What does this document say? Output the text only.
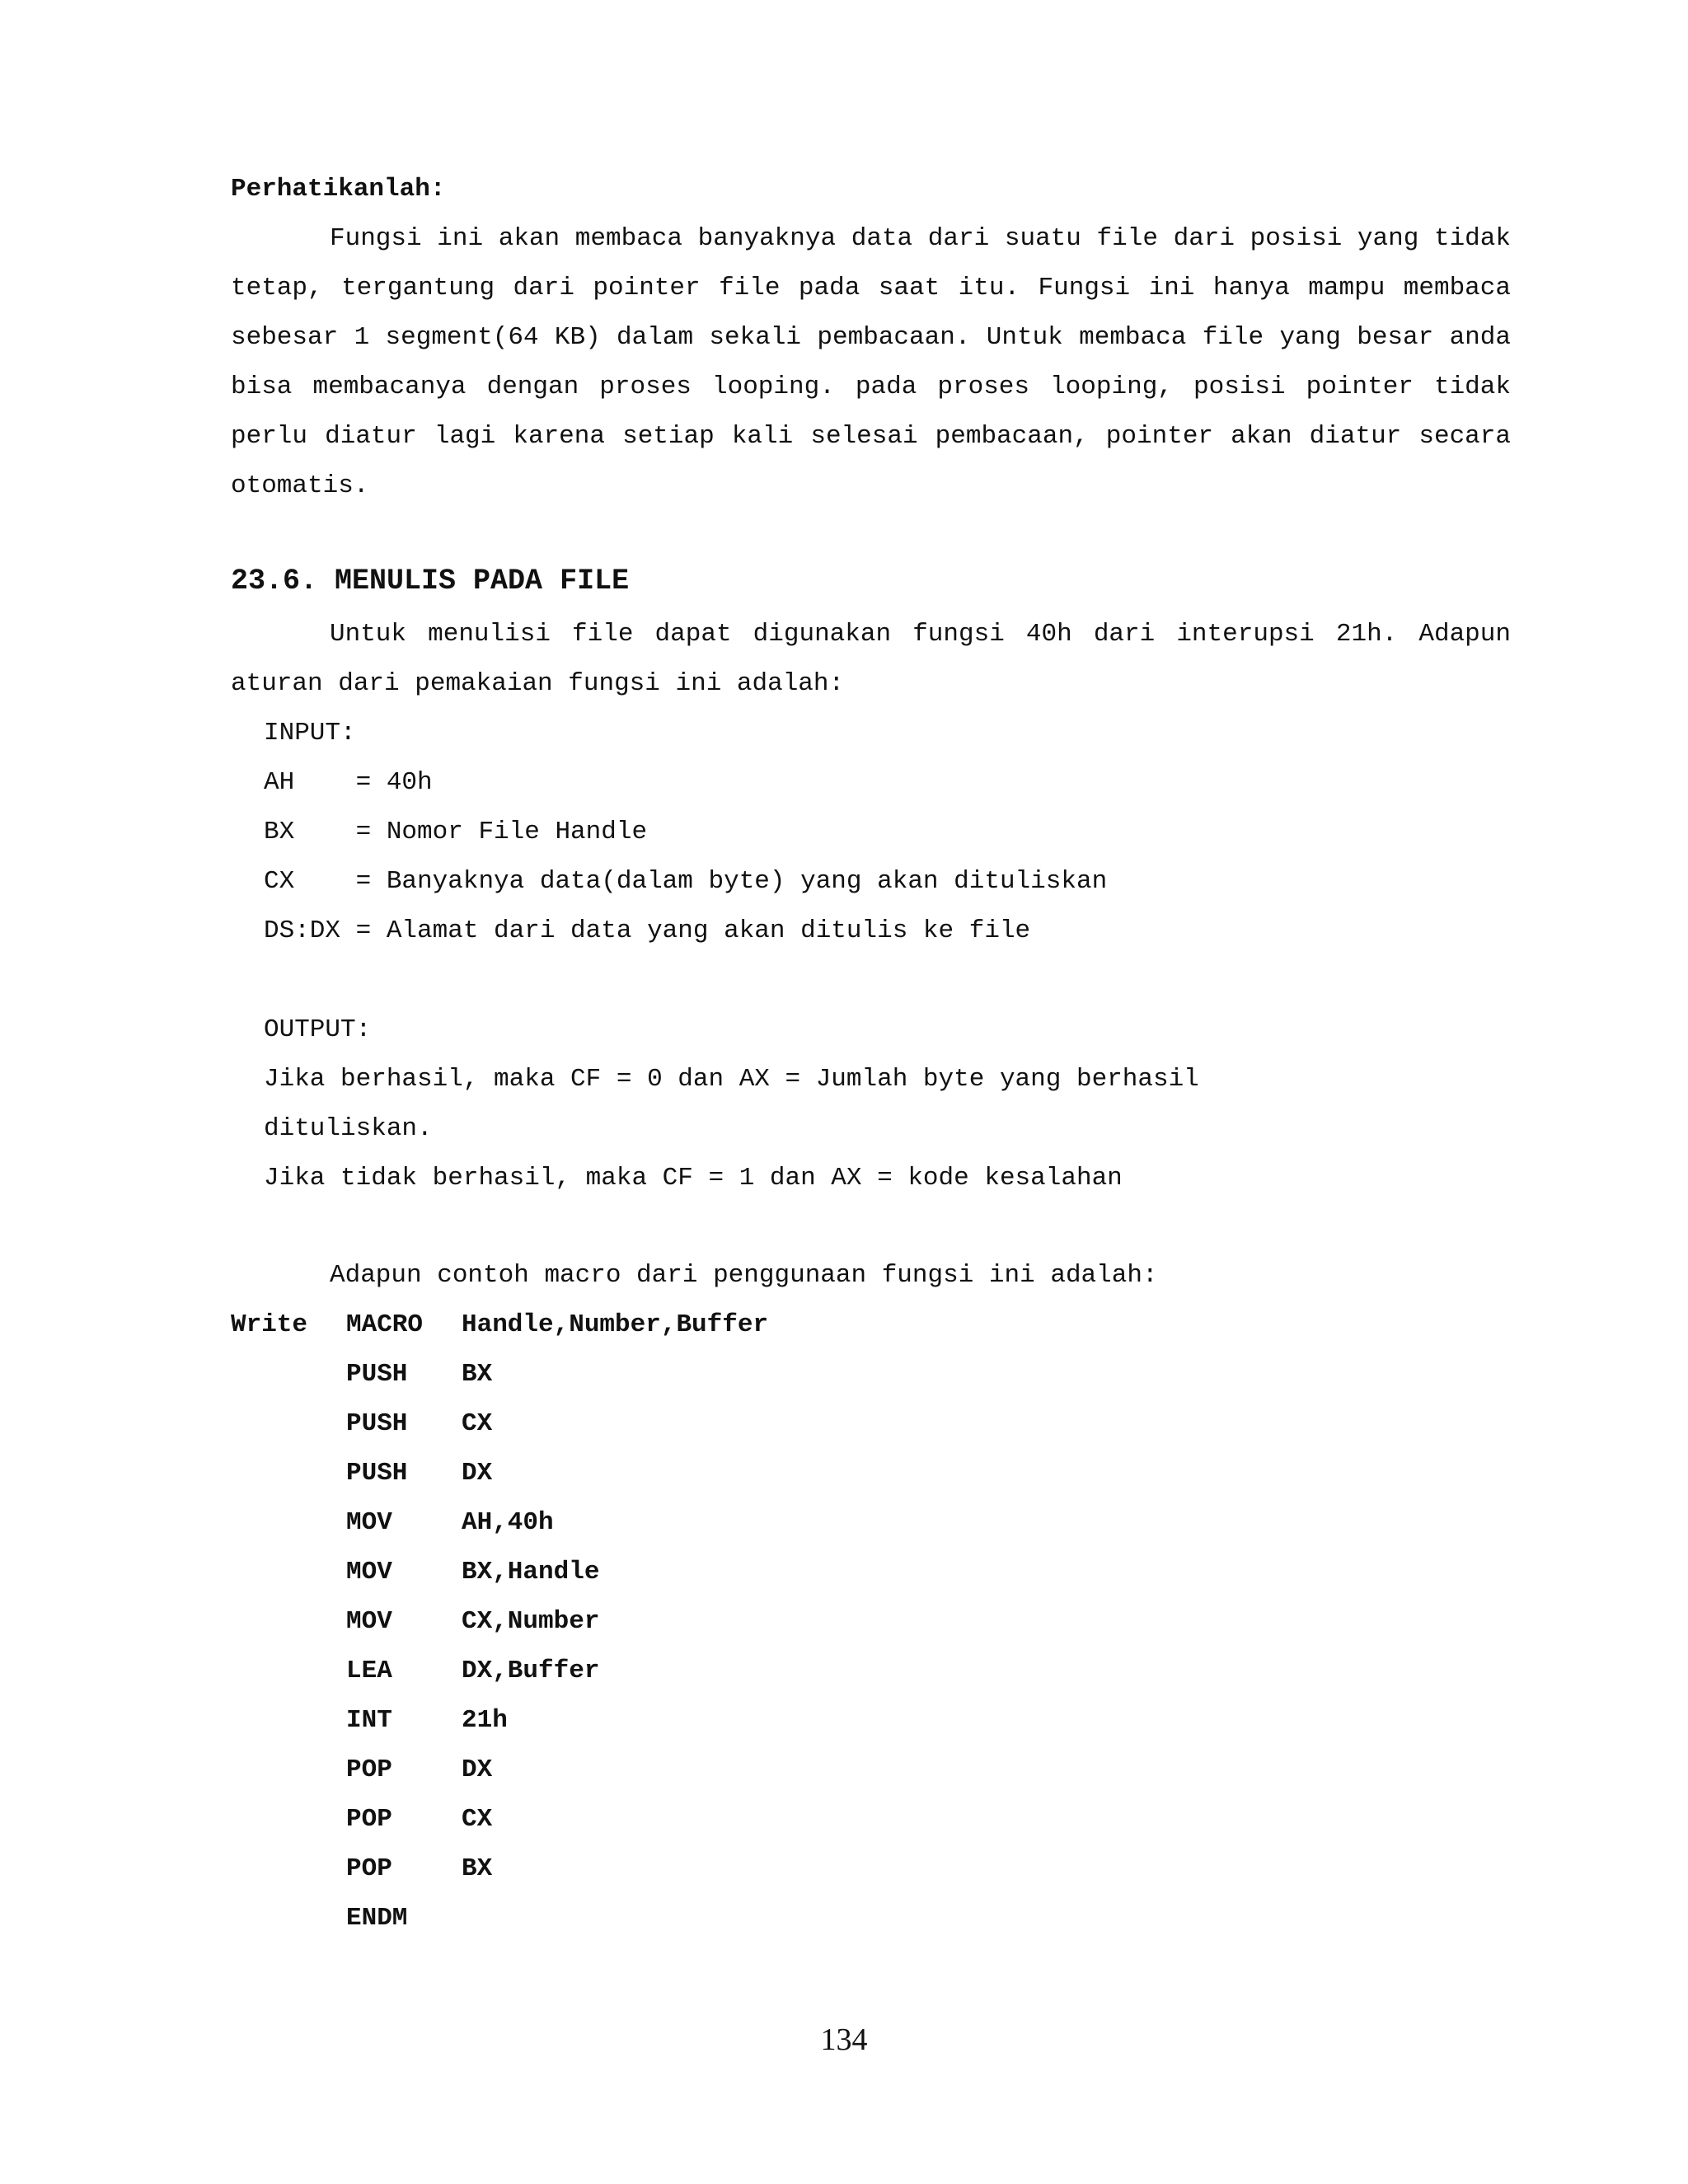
Perhatikanlah:
Fungsi ini akan membaca banyaknya data dari suatu file dari posisi yang tidak tetap, tergantung dari pointer file pada saat itu. Fungsi ini hanya mampu membaca sebesar 1 segment(64 KB) dalam sekali pembacaan. Untuk membaca file yang besar anda bisa membacanya dengan proses looping. pada proses looping, posisi pointer tidak perlu diatur lagi karena setiap kali selesai pembacaan, pointer akan diatur secara otomatis.
23.6. MENULIS PADA FILE
Untuk menulisi file dapat digunakan fungsi 40h dari interupsi 21h. Adapun aturan dari pemakaian fungsi ini adalah:
INPUT:
AH    = 40h
BX    = Nomor File Handle
CX    = Banyaknya data(dalam byte) yang akan dituliskan
DS:DX = Alamat dari data yang akan ditulis ke file
OUTPUT:
Jika berhasil, maka CF = 0 dan AX = Jumlah byte yang berhasil
dituliskan.
Jika tidak berhasil, maka CF = 1 dan AX = kode kesalahan
Adapun contoh macro dari penggunaan fungsi ini adalah:
Write	MACRO	Handle,Number,Buffer
PUSH	BX
PUSH	CX
PUSH	DX
MOV	AH,40h
MOV	BX,Handle
MOV	CX,Number
LEA	DX,Buffer
INT	21h
POP	DX
POP	CX
POP	BX
ENDM
134
